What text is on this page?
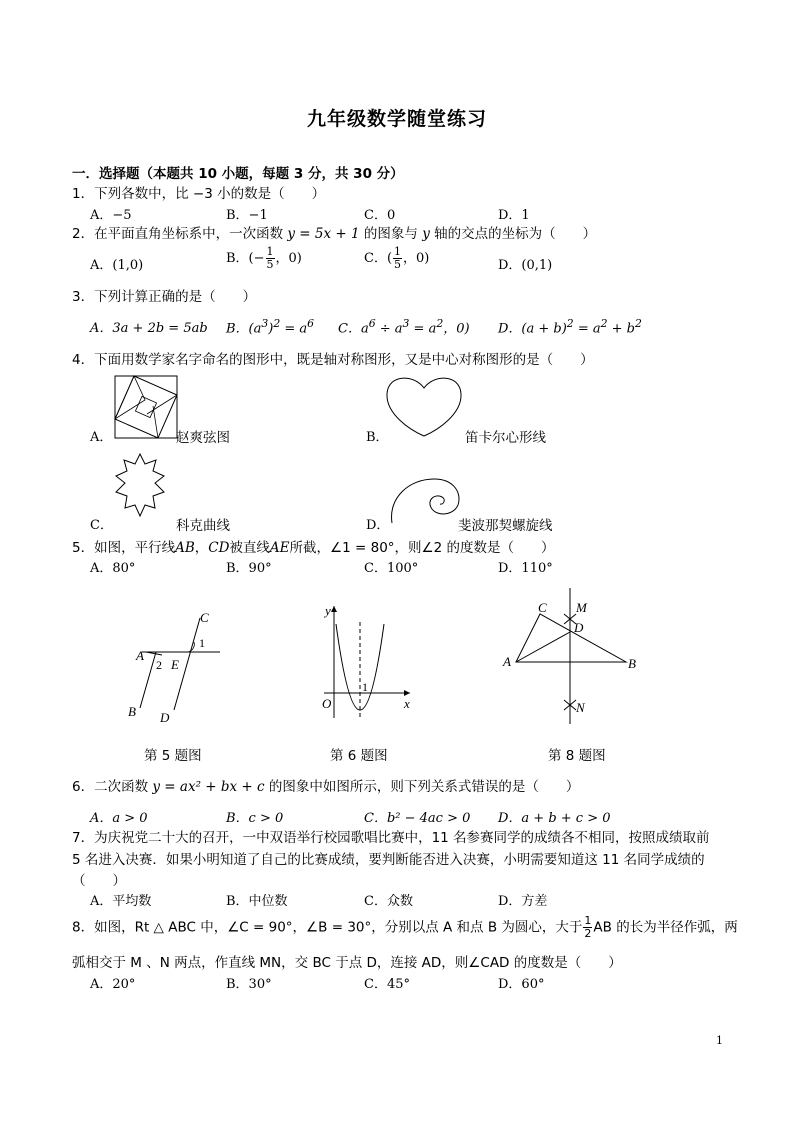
九年级数学随堂练习
一．选择题（本题共 10 小题，每题 3 分，共 30 分）
1．下列各数中，比 −3 小的数是（　　）
A．−5	B．−1	C．0	D．1
2．在平面直角坐标系中，一次函数 y = 5x + 1 的图象与 y 轴的交点的坐标为（　　）
A．(1,0)	B．(− $\frac{1}{5}$ ，0)	C．( $\frac{1}{5}$ ，0)	D．(0,1)
3．下列计算正确的是（　　）
A．3a + 2b = 5ab B．$(a^3)^2 = a^6$ C．$a^6 \div a^3 = a^2$，0) D．$(a + b)^2 = a^2 + b^2$
4．下面用数学家名字命名的图形中，既是轴对称图形，又是中心对称图形的是（　　）
A．	赵爽弦图	B．	笛卡尔心形线
C．	科克曲线	D．	斐波那契螺旋线
5．如图，平行线AB，CD被直线AE所截，∠1 = 80°，则∠2 的度数是（　　）
A．80°	B．90°	C．100°	D．110°
C
1
A
2 E
B D
第 5 题图
y
1
O	x
第 6 题图
C M
D
A	B
N
第 8 题图
6．二次函数 y = ax² + bx + c 的图象中如图所示，则下列关系式错误的是（　　）
A．a > 0	B．c > 0	C．b² − 4ac > 0 D．a + b + c > 0
7．为庆祝党二十大的召开，一中双语举行校园歌唱比赛中，11 名参赛同学的成绩各不相同，按照成绩取前
5 名进入决赛．如果小明知道了自己的比赛成绩，要判断能否进入决赛，小明需要知道这 11 名同学成绩的
（　　）
A．平均数	B．中位数	C．众数	D．方差
8．如图，Rt △ ABC 中，∠C = 90°，∠B = 30°，分别以点 A 和点 B 为圆心，大于 $\frac{1}{2}$ AB 的长为半径作弧，两
弧相交于 M 、N 两点，作直线 MN，交 BC 于点 D，连接 AD，则∠CAD 的度数是（　　）
A．20°	B．30°	C．45°	D．60°
1
